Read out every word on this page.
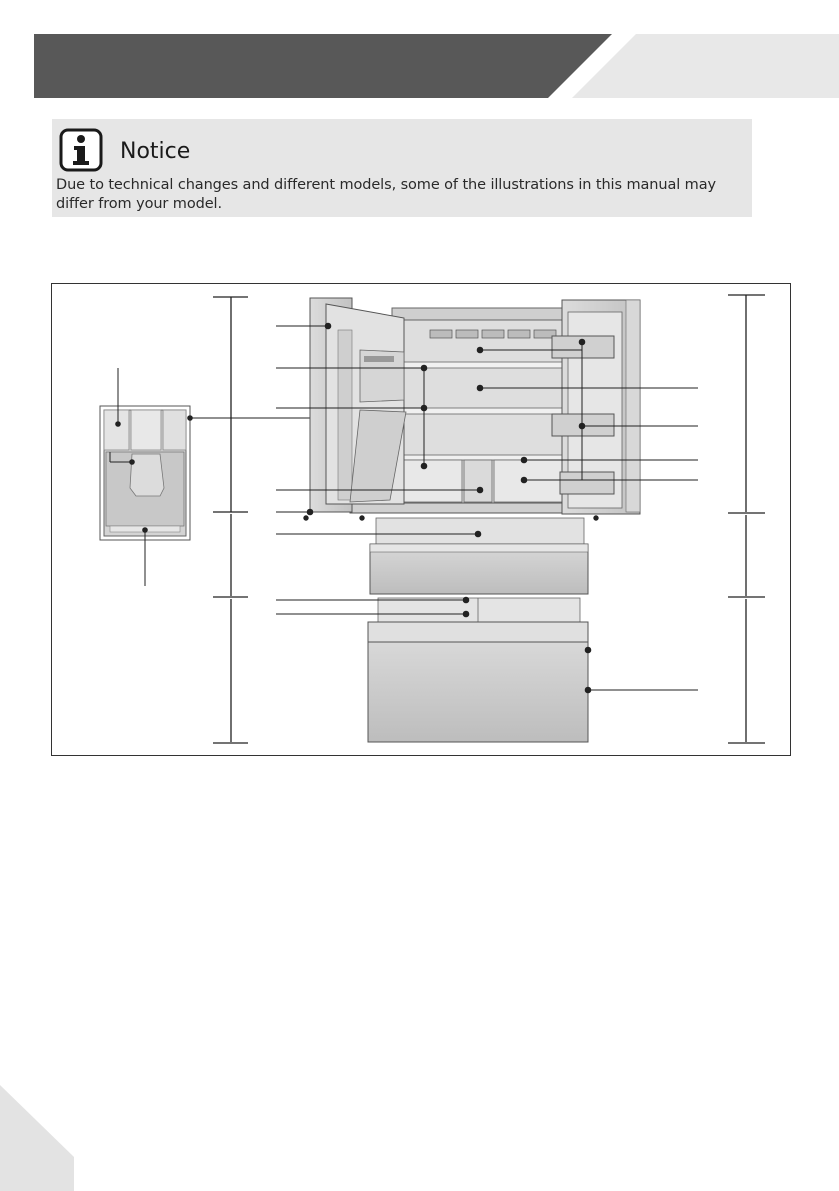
Notice
Due to technical changes and different models, some of the illustrations in this manual may differ from your model.
